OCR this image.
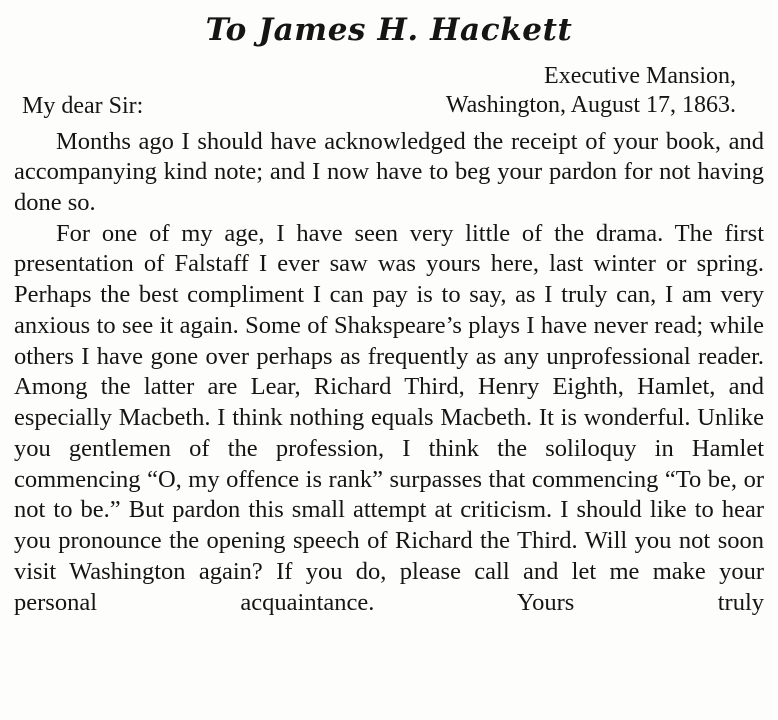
To James H. Hackett
Executive Mansion,
Washington, August 17, 1863.
My dear Sir:

Months ago I should have acknowledged the receipt of your book, and accompanying kind note; and I now have to beg your pardon for not having done so.

For one of my age, I have seen very little of the drama. The first presentation of Falstaff I ever saw was yours here, last winter or spring. Perhaps the best compliment I can pay is to say, as I truly can, I am very anxious to see it again. Some of Shakspeare’s plays I have never read; while others I have gone over perhaps as frequently as any unprofessional reader. Among the latter are Lear, Richard Third, Henry Eighth, Hamlet, and especially Macbeth. I think nothing equals Macbeth. It is wonderful. Unlike you gentlemen of the profession, I think the soliloquy in Hamlet commencing “O, my offence is rank” surpasses that commencing “To be, or not to be.” But pardon this small attempt at criticism. I should like to hear you pronounce the opening speech of Richard the Third. Will you not soon visit Washington again? If you do, please call and let me make your personal acquaintance. Yours truly
